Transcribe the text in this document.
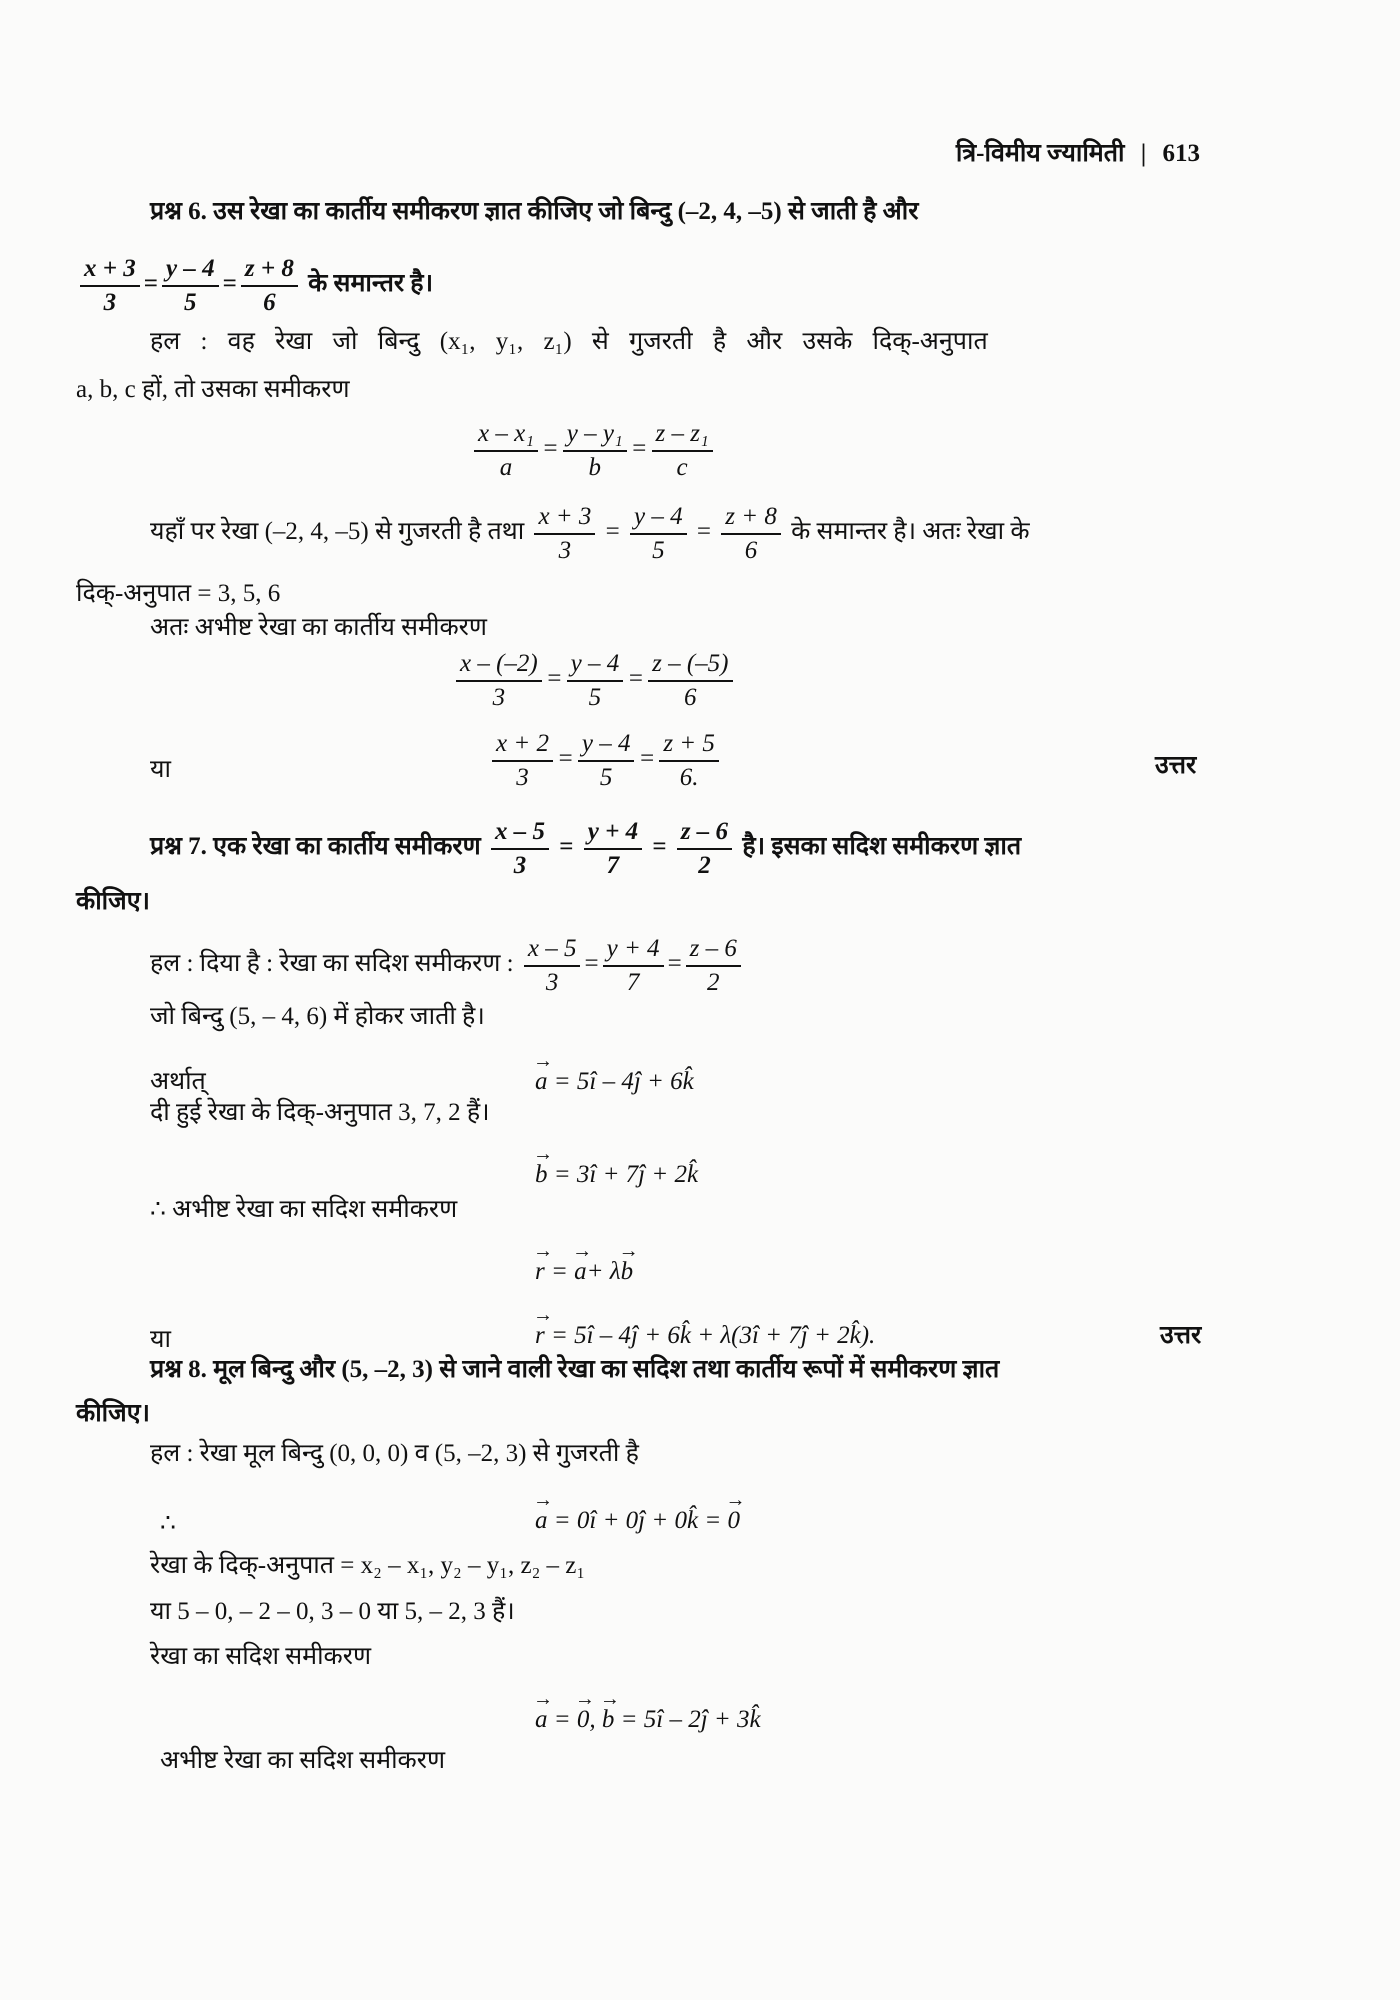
त्रि-विमीय ज्यामिती | 613
प्रश्न 6. उस रेखा का कार्तीय समीकरण ज्ञात कीजिए जो बिन्दु (–2, 4, –5) से जाती है और
$\frac{x + 3}{3} = \frac{y - 4}{5} = \frac{z + 8}{6}$ के समान्तर है।
हल : वह रेखा जो बिन्दु (x₁, y₁, z₁) से गुजरती है और उसके दिक्-अनुपात
a, b, c हों, तो उसका समीकरण
$\frac{\text{x – x₁}}{a} = \frac{\text{y – y₁}}{b} = \frac{\text{z – z₁}}{c}$
यहाँ पर रेखा (–2, 4, –5) से गुजरती है तथा $\frac{x + 3}{3} = \frac{y - 4}{5} = \frac{z + 8}{6}$ के समान्तर है। अतः रेखा के
दिक्-अनुपात = 3, 5, 6
अतः अभीष्ट रेखा का कार्तीय समीकरण
$\frac{x - (-2)}{3} = \frac{y - 4}{5} = \frac{z - (-5)}{6}$
या	$\frac{x + 2}{3} = \frac{y - 4}{5} = \frac{z + 5}{6.}$	उत्तर
प्रश्न 7. एक रेखा का कार्तीय समीकरण $\frac{x - 5}{3} = \frac{y + 4}{7} = \frac{z - 6}{2}$ है। इसका सदिश समीकरण ज्ञात
कीजिए।
हल : दिया है : रेखा का सदिश समीकरण : $\frac{x - 5}{3} = \frac{y + 4}{7} = \frac{z - 6}{2}$
जो बिन्दु (5, – 4, 6) में होकर जाती है।
अर्थात्	→ a = 5î – 4ĵ + 6k̂
दी हुई रेखा के दिक्-अनुपात 3, 7, 2 हैं।
→ b = 3î + 7ĵ + 2k̂
∴ अभीष्ट रेखा का सदिश समीकरण
→ r = → a+ λ→ b
या	→ r = 5î – 4ĵ + 6k̂ + λ(3î + 7ĵ + 2k̂).	उत्तर
प्रश्न 8. मूल बिन्दु और (5, –2, 3) से जाने वाली रेखा का सदिश तथा कार्तीय रूपों में समीकरण ज्ञात
कीजिए।
हल : रेखा मूल बिन्दु (0, 0, 0) व (5, –2, 3) से गुजरती है
∴	→ a = 0î + 0ĵ + 0k̂ = → 0
रेखा के दिक्-अनुपात = x₂ – x₁, y₂ – y₁, z₂ – z₁
या 5 – 0, – 2 – 0, 3 – 0 या 5, – 2, 3 हैं।
रेखा का सदिश समीकरण
→ a = → 0, → b = 5î – 2ĵ + 3k̂
अभीष्ट रेखा का सदिश समीकरण
